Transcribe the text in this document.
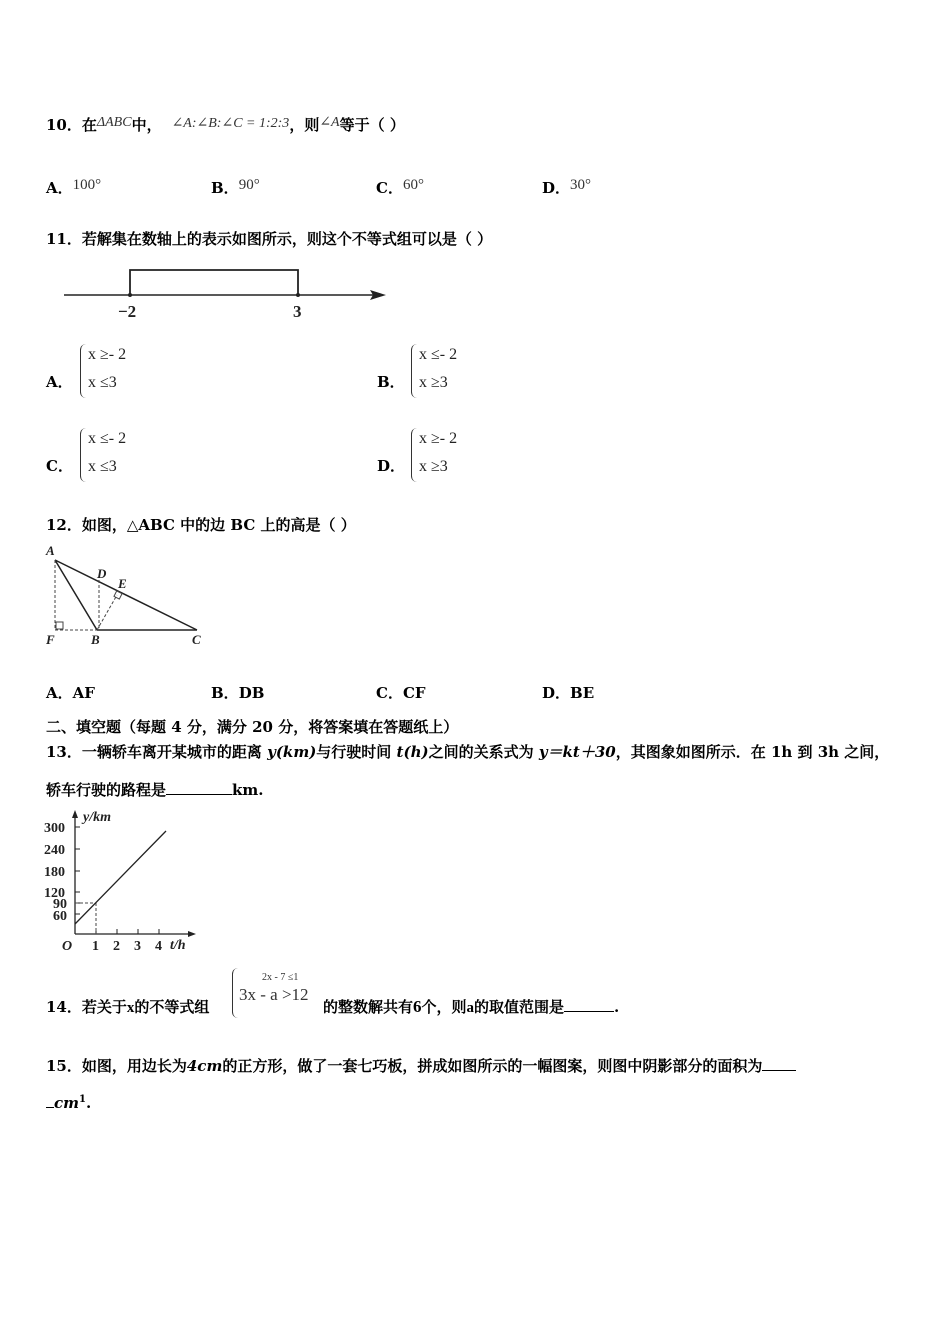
10．在ΔABC中， ∠A:∠B:∠C = 1:2:3，则∠A等于（ ）
A．100°	B．90°	C．60°	D．30°
11．若解集在数轴上的表示如图所示，则这个不等式组可以是（ ）
−2	3
A．
x ≥- 2
x ≤3	B．
x ≤- 2
x ≥3
C．
x ≤- 2
x ≤3	D．
x ≥- 2
x ≥3
12．如图，△ABC 中的边 BC 上的高是（ ）
A
D
E
F	B	C
A．AF	B．DB	C．CF	D．BE
二、填空题（每题 4 分，满分 20 分，将答案填在答题纸上）
13．一辆轿车离开某城市的距离 y(km)与行驶时间 t(h)之间的关系式为 y＝kt＋30，其图象如图所示．在 1h 到 3h 之间，
轿车行驶的路程是	km.
y/km
t/h
O
300
240
180
120
90
60
1 2 3 4
14．若关于x的不等式组
2x - 7 ≤1
3x - a >12
的整数解共有6个，则a的取值范围是	.
15．如图，用边长为4cm的正方形，做了一套七巧板，拼成如图所示的一幅图案，则图中阴影部分的面积为
$cm^1$.
